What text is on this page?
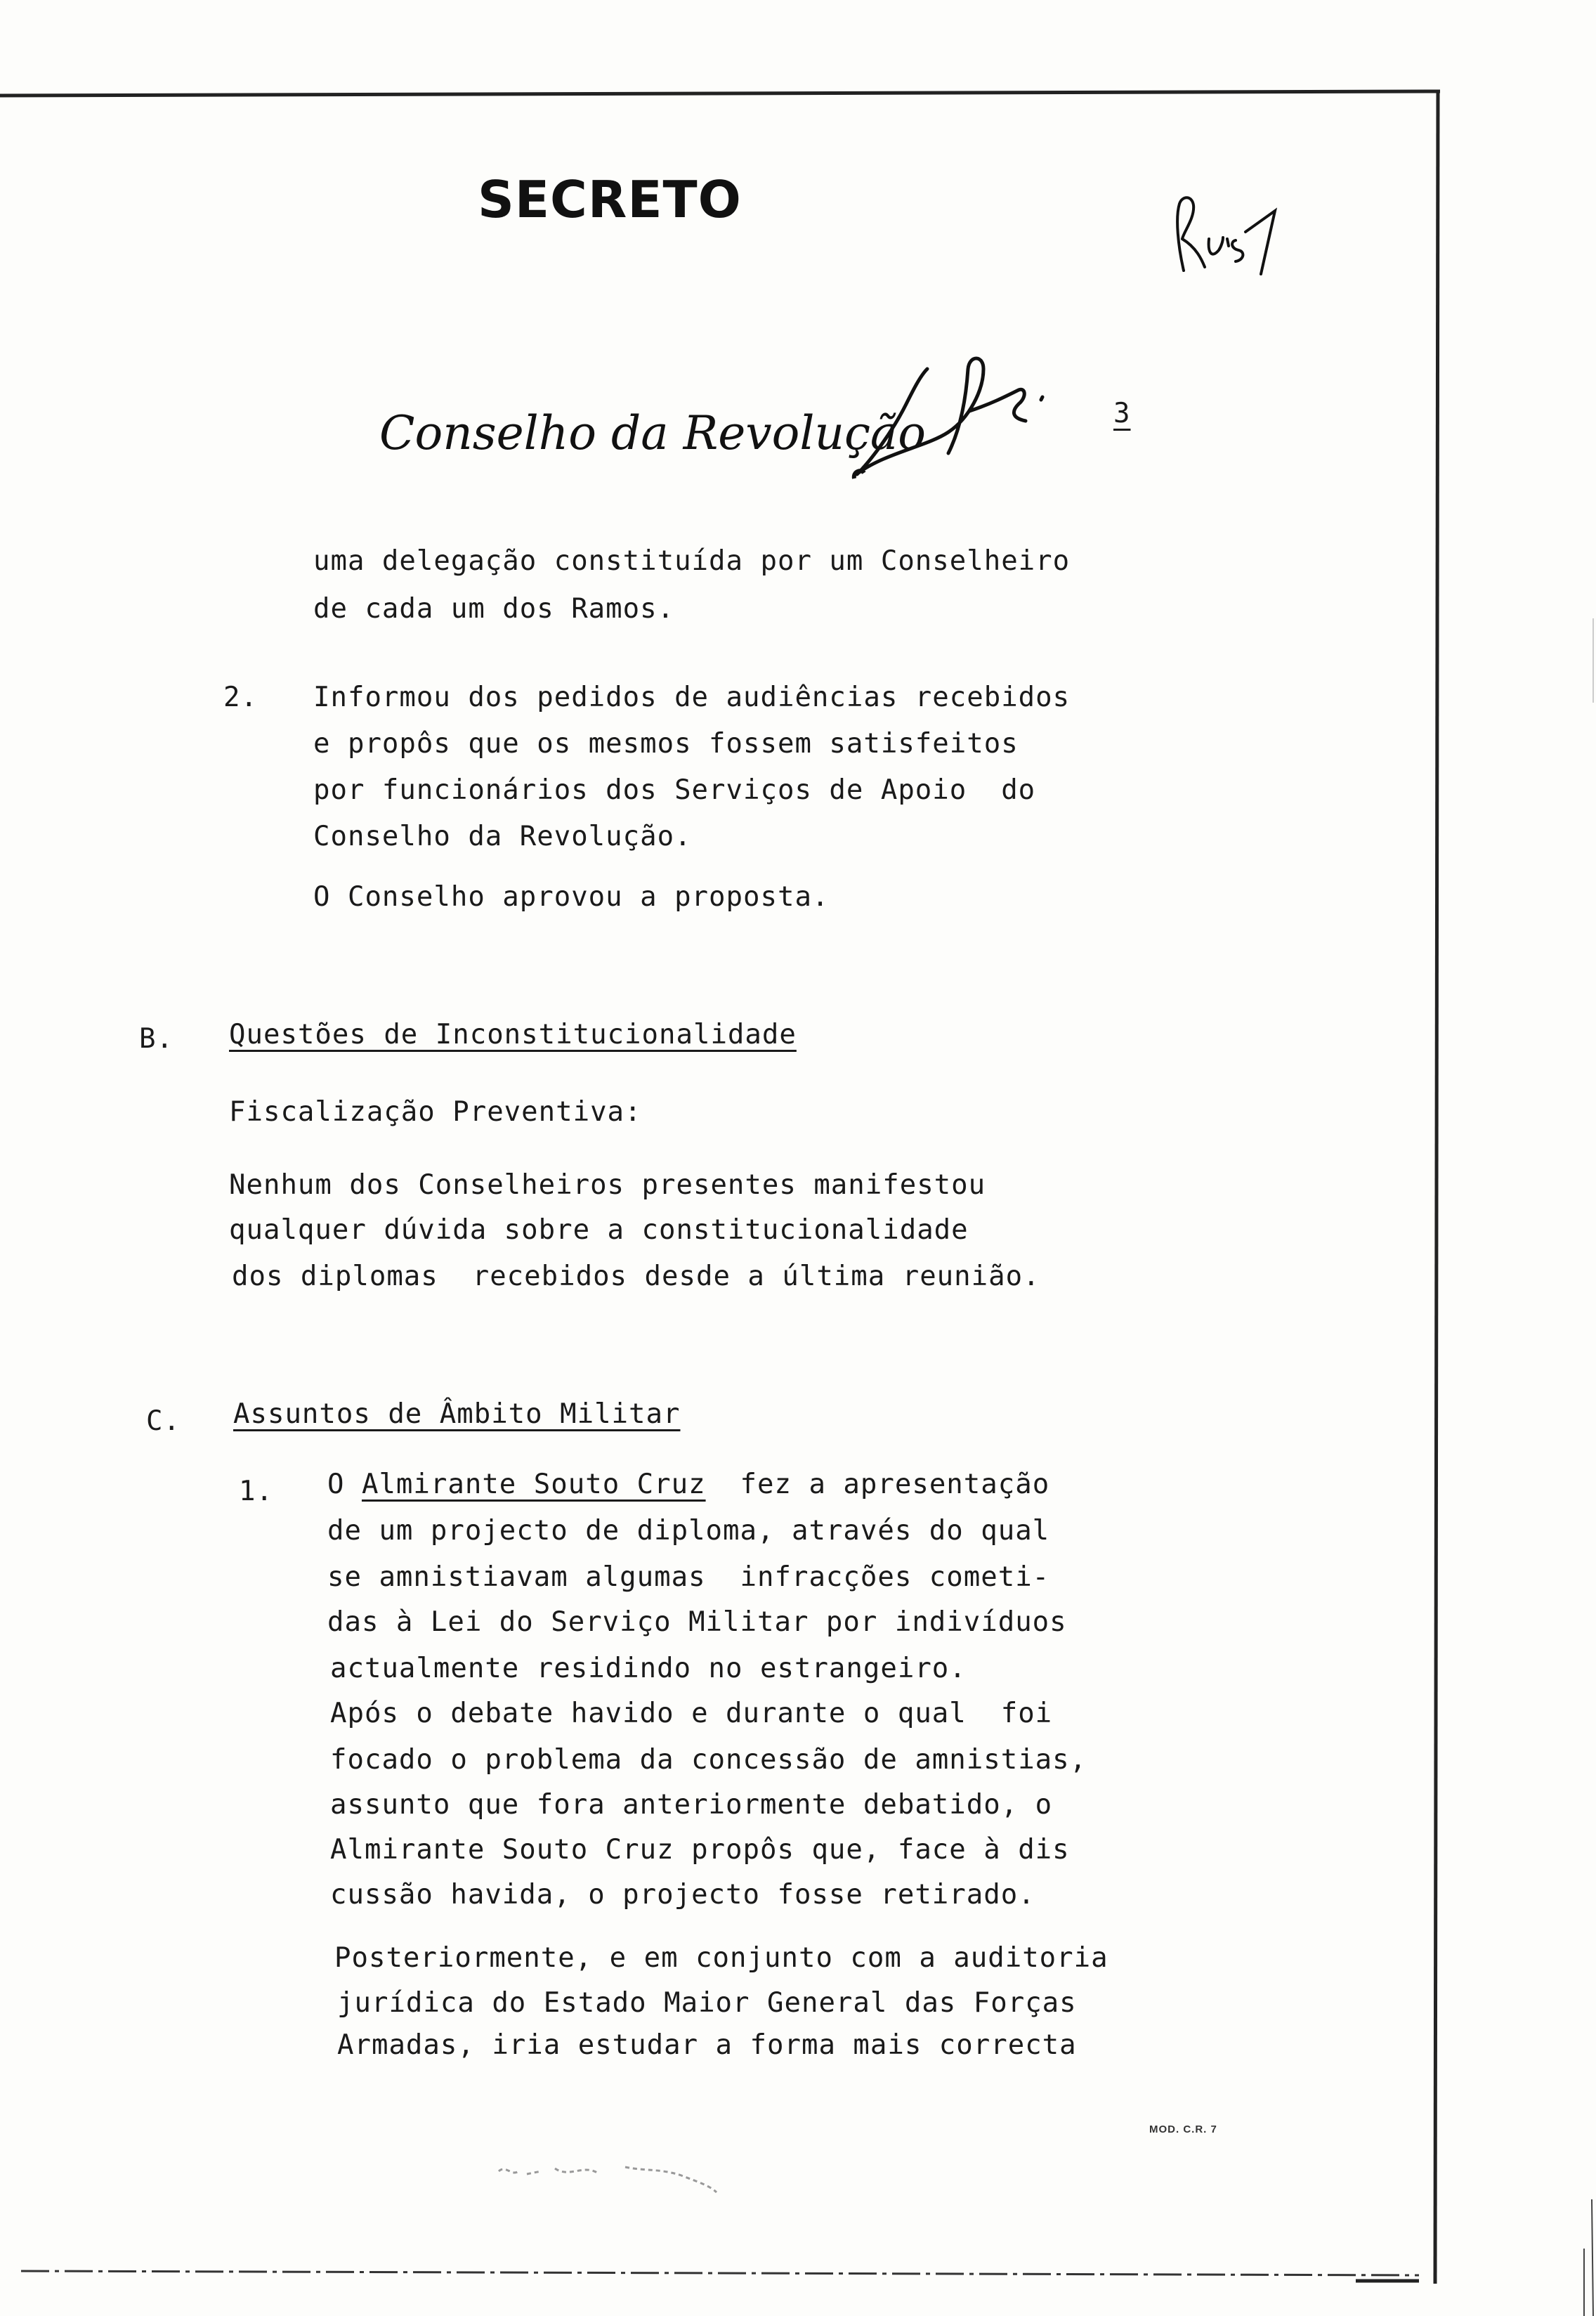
SECRETO
Conselho da Revolução	3
uma delegação constituída por um Conselheiro
de cada um dos Ramos.
2. Informou dos pedidos de audiências recebidos
e propôs que os mesmos fossem satisfeitos
por funcionários dos Serviços de Apoio  do
Conselho da Revolução.
O Conselho aprovou a proposta.
B. Questões de Inconstitucionalidade
Fiscalização Preventiva:
Nenhum dos Conselheiros presentes manifestou
qualquer dúvida sobre a constitucionalidade
dos diplomas  recebidos desde a última reunião.
C. Assuntos de Âmbito Militar
1. O Almirante Souto Cruz  fez a apresentação
de um projecto de diploma, através do qual
se amnistiavam algumas  infracções cometi-
das à Lei do Serviço Militar por indivíduos
actualmente residindo no estrangeiro.
Após o debate havido e durante o qual  foi
focado o problema da concessão de amnistias,
assunto que fora anteriormente debatido, o
Almirante Souto Cruz propôs que, face à dis
cussão havida, o projecto fosse retirado.
Posteriormente, e em conjunto com a auditoria
jurídica do Estado Maior General das Forças
Armadas, iria estudar a forma mais correcta
MOD. C.R. 7
